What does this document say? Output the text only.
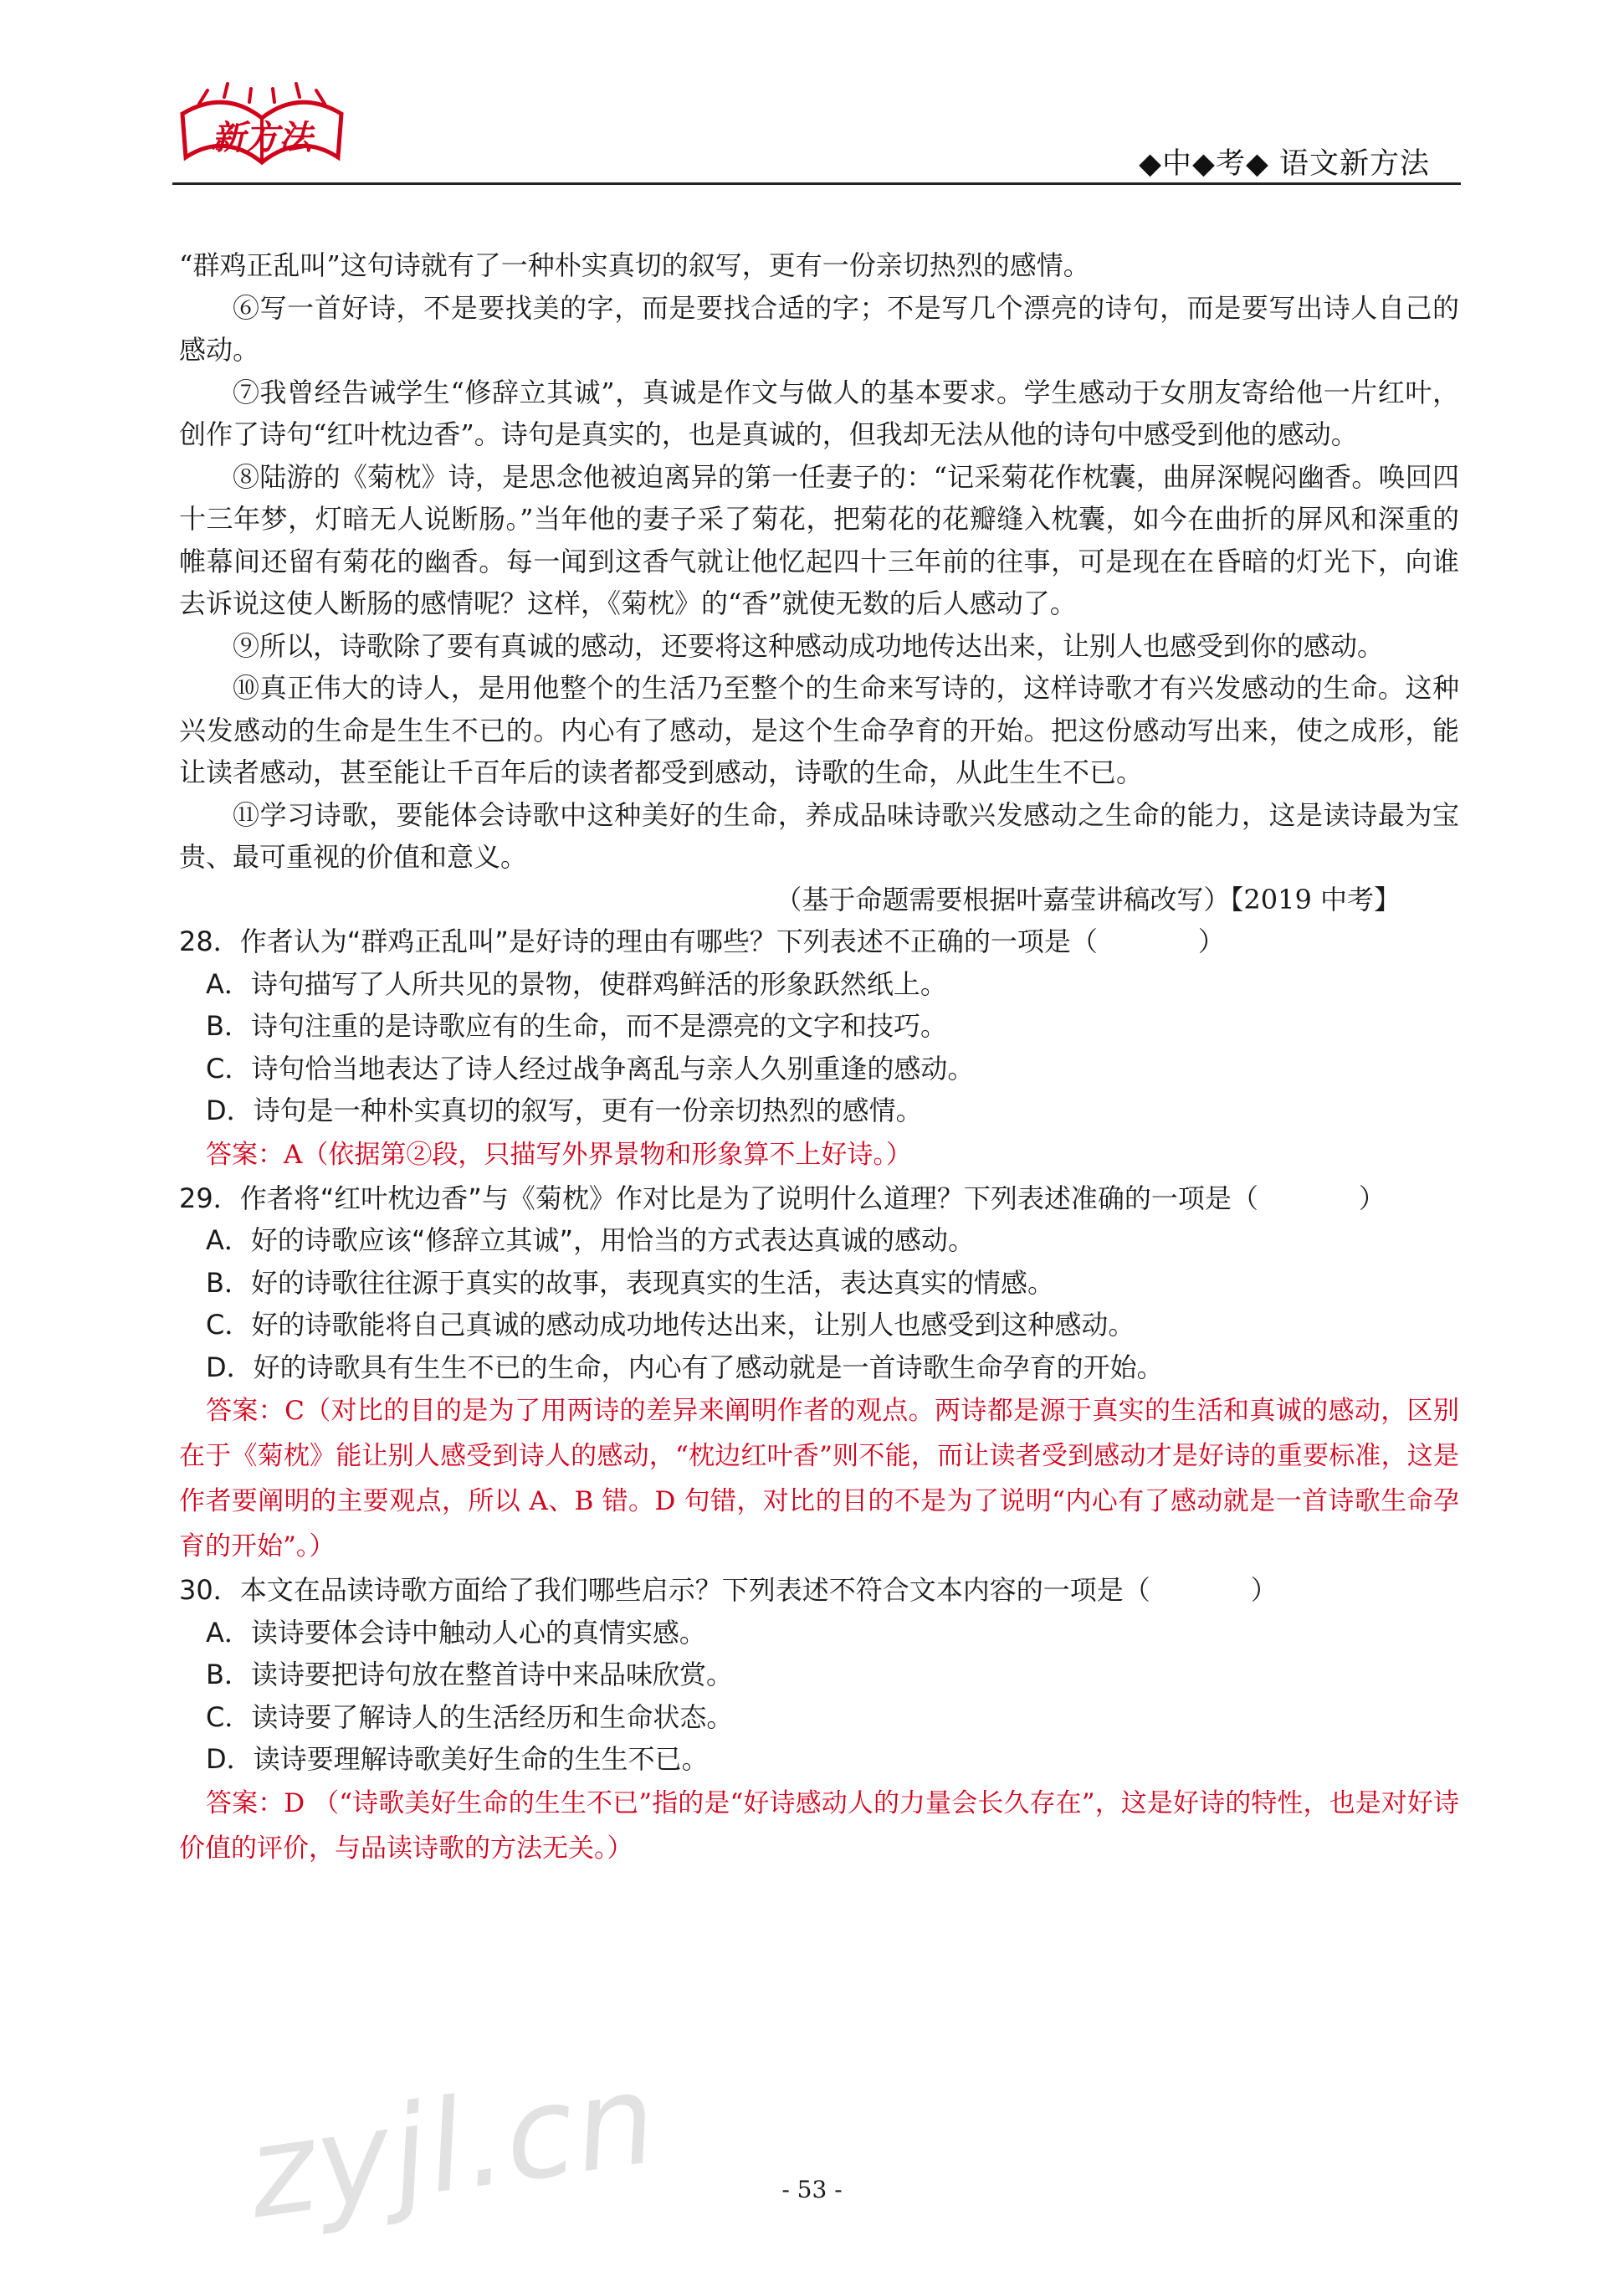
新方法
◆中◆考◆ 语文新方法

“群鸡正乱叫”这句诗就有了一种朴实真切的叙写，更有一份亲切热烈的感情。

⑥写一首好诗，不是要找美的字，而是要找合适的字；不是写几个漂亮的诗句，而是要写出诗人自己的感动。

⑦我曾经告诫学生“修辞立其诚”，真诚是作文与做人的基本要求。学生感动于女朋友寄给他一片红叶，创作了诗句“红叶枕边香”。诗句是真实的，也是真诚的，但我却无法从他的诗句中感受到他的感动。

⑧陆游的《菊枕》诗，是思念他被迫离异的第一任妻子的：“记采菊花作枕囊，曲屏深幌闷幽香。唤回四十三年梦，灯暗无人说断肠。”当年他的妻子采了菊花，把菊花的花瓣缝入枕囊，如今在曲折的屏风和深重的帷幕间还留有菊花的幽香。每一闻到这香气就让他忆起四十三年前的往事，可是现在在昏暗的灯光下，向谁去诉说这使人断肠的感情呢？这样，《菊枕》的“香”就使无数的后人感动了。

⑨所以，诗歌除了要有真诚的感动，还要将这种感动成功地传达出来，让别人也感受到你的感动。

⑩真正伟大的诗人，是用他整个的生活乃至整个的生命来写诗的，这样诗歌才有兴发感动的生命。这种兴发感动的生命是生生不已的。内心有了感动，是这个生命孕育的开始。把这份感动写出来，使之成形，能让读者感动，甚至能让千百年后的读者都受到感动，诗歌的生命，从此生生不已。

⑪学习诗歌，要能体会诗歌中这种美好的生命，养成品味诗歌兴发感动之生命的能力，这是读诗最为宝贵、最可重视的价值和意义。

（基于命题需要根据叶嘉莹讲稿改写）【2019 中考】

28．作者认为“群鸡正乱叫”是好诗的理由有哪些？下列表述不正确的一项是（	）

A．诗句描写了人所共见的景物，使群鸡鲜活的形象跃然纸上。

B．诗句注重的是诗歌应有的生命，而不是漂亮的文字和技巧。

C．诗句恰当地表达了诗人经过战争离乱与亲人久别重逢的感动。

D．诗句是一种朴实真切的叙写，更有一份亲切热烈的感情。

答案：A（依据第②段，只描写外界景物和形象算不上好诗。）

29．作者将“红叶枕边香”与《菊枕》作对比是为了说明什么道理？下列表述准确的一项是（	）

A．好的诗歌应该“修辞立其诚”，用恰当的方式表达真诚的感动。

B．好的诗歌往往源于真实的故事，表现真实的生活，表达真实的情感。

C．好的诗歌能将自己真诚的感动成功地传达出来，让别人也感受到这种感动。

D．好的诗歌具有生生不已的生命，内心有了感动就是一首诗歌生命孕育的开始。

答案：C（对比的目的是为了用两诗的差异来阐明作者的观点。两诗都是源于真实的生活和真诚的感动，区别在于《菊枕》能让别人感受到诗人的感动，“枕边红叶香”则不能，而让读者受到感动才是好诗的重要标准，这是作者要阐明的主要观点，所以 A、B 错。D 句错，对比的目的不是为了说明“内心有了感动就是一首诗歌生命孕育的开始”。）

30．本文在品读诗歌方面给了我们哪些启示？下列表述不符合文本内容的一项是（	）

A．读诗要体会诗中触动人心的真情实感。

B．读诗要把诗句放在整首诗中来品味欣赏。

C．读诗要了解诗人的生活经历和生命状态。

D．读诗要理解诗歌美好生命的生生不已。

答案：D （“诗歌美好生命的生生不已”指的是“好诗感动人的力量会长久存在”，这是好诗的特性，也是对好诗价值的评价，与品读诗歌的方法无关。）

zyjl.cn	- 53 -
